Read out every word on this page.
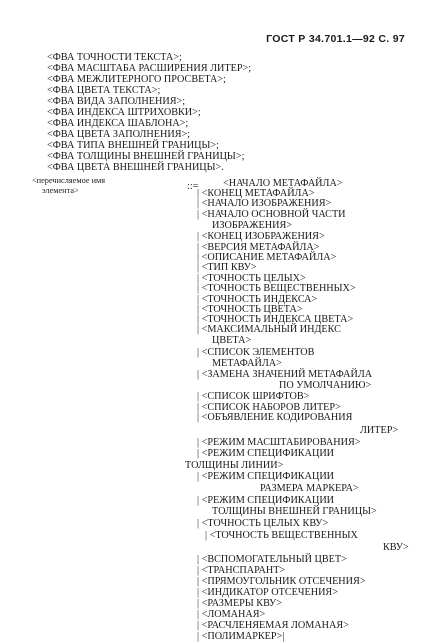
ГОСТ Р 34.701.1—92 С. 97
<ФВА ТОЧНОСТИ ТЕКСТА>;
<ФВА МАСШТАБА РАСШИРЕНИЯ ЛИТЕР>;
<ФВА МЕЖЛИТЕРНОГО ПРОСВЕТА>;
<ФВА ЦВЕТА ТЕКСТА>;
<ФВА ВИДА ЗАПОЛНЕНИЯ>;
<ФВА ИНДЕКСА ШТРИХОВКИ>;
<ФВА ИНДЕКСА ШАБЛОНА>;
<ФВА ЦВЕТА ЗАПОЛНЕНИЯ>;
<ФВА ТИПА ВНЕШНЕЙ ГРАНИЦЫ>;
<ФВА ТОЛЩИНЫ ВНЕШНЕЙ ГРАНИЦЫ>;
<ФВА ЦВЕТА ВНЕШНЕЙ ГРАНИЦЫ>.
<перечисляемое имя
элемента>	::= <НАЧАЛО МЕТАФАЙЛА>
| <КОНЕЦ МЕТАФАЙЛА>
| <НАЧАЛО ИЗОБРАЖЕНИЯ>
| <НАЧАЛО ОСНОВНОЙ ЧАСТИ
ИЗОБРАЖЕНИЯ>
| <КОНЕЦ ИЗОБРАЖЕНИЯ>
| <ВЕРСИЯ МЕТАФАЙЛА>
| <ОПИСАНИЕ МЕТАФАЙЛА>
| <ТИП КВУ>
| <ТОЧНОСТЬ ЦЕЛЫХ>
| <ТОЧНОСТЬ ВЕЩЕСТВЕННЫХ>
| <ТОЧНОСТЬ ИНДЕКСА>
| <ТОЧНОСТЬ ЦВЕТА>
| <ТОЧНОСТЬ ИНДЕКСА ЦВЕТА>
| <МАКСИМАЛЬНЫЙ ИНДЕКС
ЦВЕТА>
| <СПИСОК ЭЛЕМЕНТОВ
МЕТАФАЙЛА>
| <ЗАМЕНА ЗНАЧЕНИЙ МЕТАФАЙЛА
ПО УМОЛЧАНИЮ>
| <СПИСОК ШРИФТОВ>
| <СПИСОК НАБОРОВ ЛИТЕР>
| <ОБЪЯВЛЕНИЕ КОДИРОВАНИЯ
ЛИТЕР>
| <РЕЖИМ МАСШТАБИРОВАНИЯ>
| <РЕЖИМ СПЕЦИФИКАЦИИ
ТОЛЩИНЫ ЛИНИИ>
| <РЕЖИМ СПЕЦИФИКАЦИИ
РАЗМЕРА МАРКЕРА>
| <РЕЖИМ СПЕЦИФИКАЦИИ
ТОЛЩИНЫ ВНЕШНЕЙ ГРАНИЦЫ>
| <ТОЧНОСТЬ ЦЕЛЫХ КВУ>
| <ТОЧНОСТЬ ВЕЩЕСТВЕННЫХ
КВУ>
| <ВСПОМОГАТЕЛЬНЫЙ ЦВЕТ>
| <ТРАНСПАРАНТ>
| <ПРЯМОУГОЛЬНИК ОТСЕЧЕНИЯ>
| <ИНДИКАТОР ОТСЕЧЕНИЯ>
| <РАЗМЕРЫ КВУ>
| <ЛОМАНАЯ>
| <РАСЧЛЕНЯЕМАЯ ЛОМАНАЯ>
| <ПОЛИМАРКЕР>|
